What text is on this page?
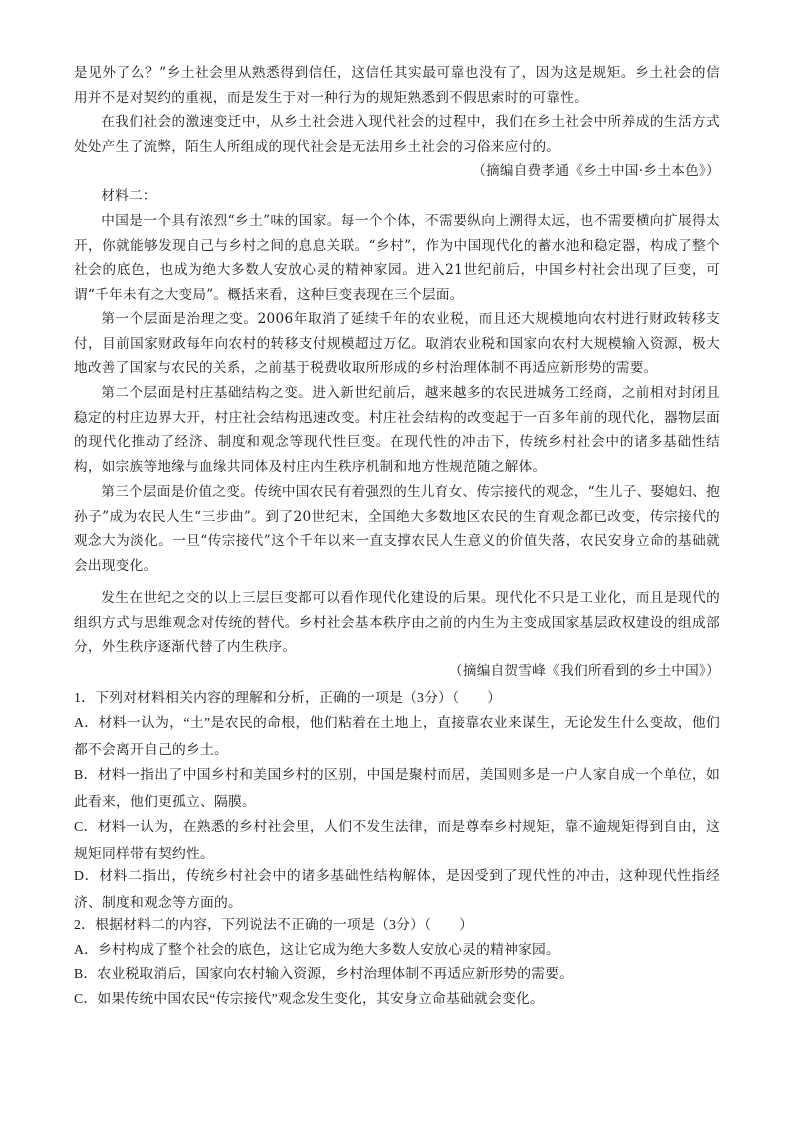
是见外了么？”乡土社会里从熟悉得到信任，这信任其实最可靠也没有了，因为这是规矩。乡土社会的信用并不是对契约的重视，而是发生于对一种行为的规矩熟悉到不假思索时的可靠性。

在我们社会的激速变迁中，从乡土社会进入现代社会的过程中，我们在乡土社会中所养成的生活方式处处产生了流弊，陌生人所组成的现代社会是无法用乡土社会的习俗来应付的。

（摘编自费孝通《乡土中国·乡土本色》）

材料二：

中国是一个具有浓烈“乡土”味的国家。每一个个体，不需要纵向上溯得太远，也不需要横向扩展得太开，你就能够发现自己与乡村之间的息息关联。“乡村”，作为中国现代化的蓄水池和稳定器，构成了整个社会的底色，也成为绝大多数人安放心灵的精神家园。进入21世纪前后，中国乡村社会出现了巨变，可谓“千年未有之大变局”。概括来看，这种巨变表现在三个层面。

第一个层面是治理之变。2006年取消了延续千年的农业税，而且还大规模地向农村进行财政转移支付，目前国家财政每年向农村的转移支付规模超过万亿。取消农业税和国家向农村大规模输入资源，极大地改善了国家与农民的关系，之前基于税费收取所形成的乡村治理体制不再适应新形势的需要。

第二个层面是村庄基础结构之变。进入新世纪前后，越来越多的农民进城务工经商，之前相对封闭且稳定的村庄边界大开，村庄社会结构迅速改变。村庄社会结构的改变起于一百多年前的现代化，器物层面的现代化推动了经济、制度和观念等现代性巨变。在现代性的冲击下，传统乡村社会中的诸多基础性结构，如宗族等地缘与血缘共同体及村庄内生秩序机制和地方性规范随之解体。

第三个层面是价值之变。传统中国农民有着强烈的生儿育女、传宗接代的观念，“生儿子、娶媳妇、抱孙子”成为农民人生“三步曲”。到了20世纪末，全国绝大多数地区农民的生育观念都已改变，传宗接代的观念大为淡化。一旦“传宗接代”这个千年以来一直支撑农民人生意义的价值失落，农民安身立命的基础就会出现变化。

发生在世纪之交的以上三层巨变都可以看作现代化建设的后果。现代化不只是工业化，而且是现代的组织方式与思维观念对传统的替代。乡村社会基本秩序由之前的内生为主变成国家基层政权建设的组成部分，外生秩序逐渐代替了内生秩序。

（摘编自贺雪峰《我们所看到的乡土中国》）

1．下列对材料相关内容的理解和分析，正确的一项是（3分）（　　）

A．材料一认为，“土”是农民的命根，他们粘着在土地上，直接靠农业来谋生，无论发生什么变故，他们都不会离开自己的乡土。

B．材料一指出了中国乡村和美国乡村的区别，中国是聚村而居，美国则多是一户人家自成一个单位，如此看来，他们更孤立、隔膜。

C．材料一认为，在熟悉的乡村社会里，人们不发生法律，而是尊奉乡村规矩，靠不逾规矩得到自由，这规矩同样带有契约性。

D．材料二指出，传统乡村社会中的诸多基础性结构解体，是因受到了现代性的冲击，这种现代性指经济、制度和观念等方面的。

2．根据材料二的内容，下列说法不正确的一项是（3分）（　　）

A．乡村构成了整个社会的底色，这让它成为绝大多数人安放心灵的精神家园。

B．农业税取消后，国家向农村输入资源，乡村治理体制不再适应新形势的需要。

C．如果传统中国农民“传宗接代”观念发生变化，其安身立命基础就会变化。
